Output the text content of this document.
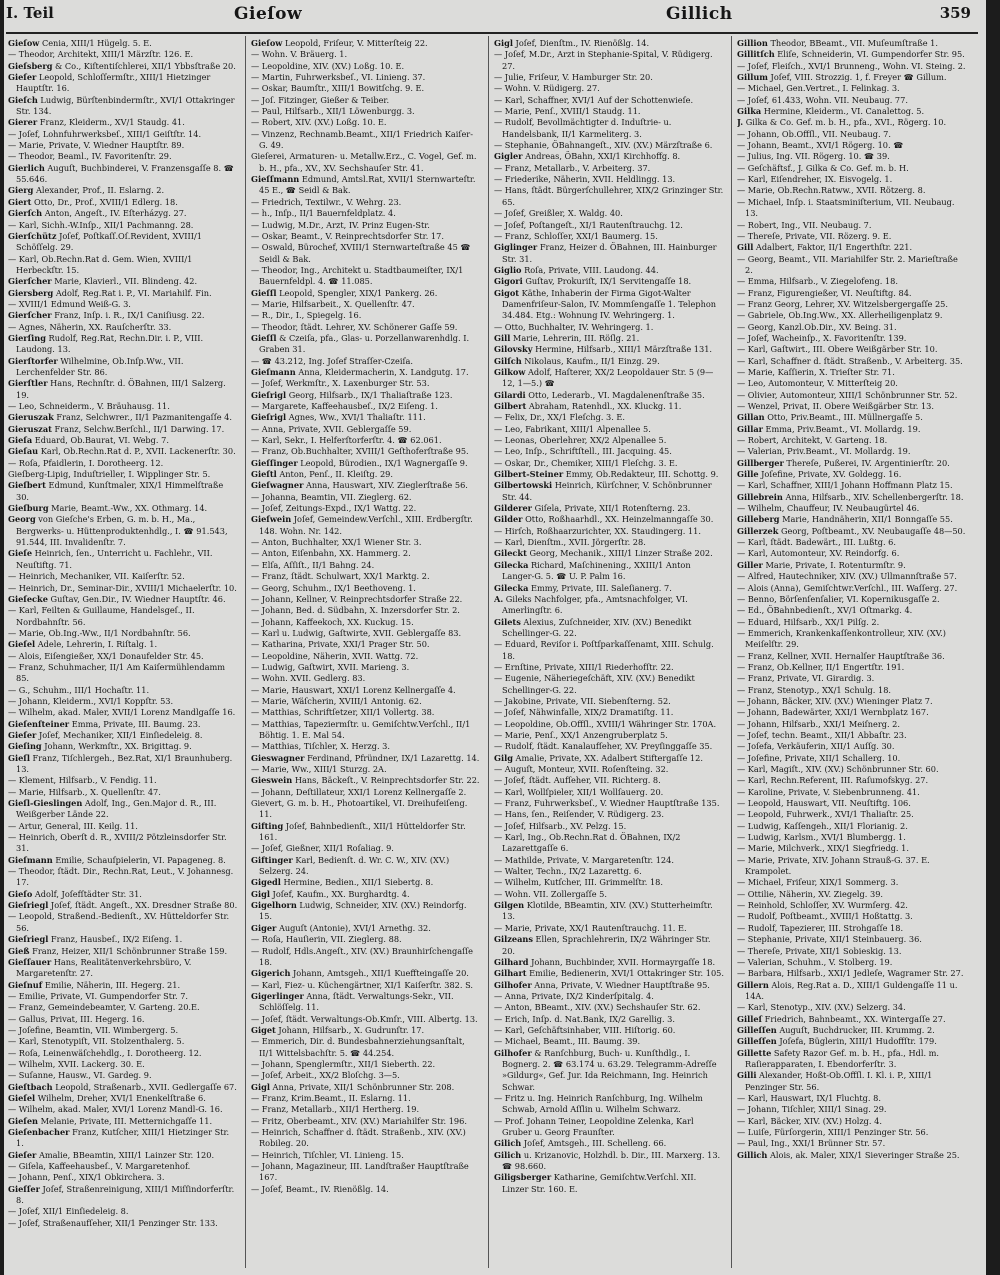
I. Teil	Gieſow	Gillich	359
Gieſow Cenia, XIII/1 Hügelg. 5. E.
— Theodor, Architekt, XIII/1 Märzſtr. 126. E.
Gieſsberg & Co., Kiſtentiſchlerei, XII/1 Ybbsſtraße 20.
Gieſer Leopold, Schloſſermſtr., XIII/1 Hietzinger Hauptſtr. 16.
Gieſch Ludwig, Bürſtenbindermſtr., XVI/1 Ottakringer Str. 134.
Gierer Franz, Kleiderm., XV/1 Staudg. 41.
— Joſef, Lohnfuhrwerksbeſ., XIII/1 Geiſtſtr. 14.
— Marie, Private, V. Wiedner Hauptſtr. 89.
— Theodor, Beaml., IV. Favoritenſtr. 29.
Gierlich Auguſt, Buchbinderei, V. Franzensgaſſe 8. ☎ 55.646.
Gierg Alexander, Prof., II. Eslarng. 2.
Giert Otto, Dr., Prof., XVIII/1 Edlerg. 18.
Gierſch Anton, Angeſt., IV. Eſterházyg. 27.
— Karl, Sichh.-W.Inſp., XII/1 Pachmanng. 28.
Gierſchütz Joſef, Poſtkaſſ.Oſ.Revident, XVIII/1 Schöſſelg. 29.
— Karl, Ob.Rechn.Rat d. Gem. Wien, XVIII/1 Herbeckſtr. 15.
Gierſcher Marie, Klavierl., VII. Blindeng. 42.
Giersberg Adolf, Reg.Rat i. P., VI. Mariahilf. Fin.
— XVIII/1 Edmund Weiß-G. 3.
Gierſcher Franz, Inſp. i. R., IX/1 Caniſiusg. 22.
— Agnes, Näherin, XX. Rauſcherſtr. 33.
Gierſing Rudolf, Reg.Rat, Rechn.Dir. i. P., VIII. Laudong. 13.
Gierſtorfer Wilhelmine, Ob.Inſp.Ww., VII. Lerchenfelder Str. 86.
Gierſtler Hans, Rechnſtr. d. ÖBahnen, III/1 Salzerg. 19.
— Leo, Schneiderm., V. Bräuhausg. 11.
Gieruszak Franz, Selchwrer., II/1 Pazmanitengaſſe 4.
Gieruszat Franz, Selchw.Berſchl., II/1 Darwing. 17.
Gieſa Eduard, Ob.Baurat, VI. Webg. 7.
Gieſau Karl, Ob.Rechn.Rat d. P., XVII. Lackenerſtr. 30.
— Roſa, Pfaidlerin, I. Dorotheerg. 12.
Gieſberg-Lipig, Induſtrieller, I. Wipplinger Str. 5.
Gieſbert Edmund, Kunſtmaler, XIX/1 Himmelſtraße 30.
Gieſburg Marie, Beamt.-Ww., XX. Othmarg. 14.
Georg von Gieſche's Erben, G. m. b. H., Ma., Bergwerks- u. Hüttenproduktenhdlg., I. ☎ 91.543, 91.544, III. Invalidenſtr. 7.
Gieſe Heinrich, ſen., Unterricht u. Fachlehr., VII. Neuſtiftg. 71.
— Heinrich, Mechaniker, VII. Kaiſerſtr. 52.
— Heinrich, Dr., Seminar-Dir., XVIII/1 Michaelerſtr. 10.
Gieſecke Guſtav, Gen.Dir., IV. Wiedner Hauptſtr. 46.
— Karl, Feilten & Guillaume, Handelsgeſ., II. Nordbahnſtr. 56.
— Marie, Ob.Ing.-Ww., II/1 Nordbahnſtr. 56.
Gieſel Adele, Lehrerin, I. Riſtalg. 1.
— Alois, Eiſengießer, XX/1 Donaufelder Str. 45.
— Franz, Schuhmacher, II/1 Am Kaiſermühlendamm 85.
— G., Schuhm., III/1 Hochaſtr. 11.
— Johann, Kleiderm., XVI/1 Koppſtr. 53.
— Wilhelm, akad. Maler, XVII/1 Lorenz Mandlgaſſe 16.
Gieſenſteiner Emma, Private, III. Baumg. 23.
Gieſer Joſef, Mechaniker, XII/1 Einſiedeleig. 8.
Gieſing Johann, Werkmſtr., XX. Brigittag. 9.
Gieſl Franz, Tiſchlergeh., Bez.Rat, XI/1 Braunhuberg. 13.
— Klement, Hilfsarb., V. Fendig. 11.
— Marie, Hilfsarb., X. Quellenſtr. 47.
Gieſl-Gieslingen Adolf, Ing., Gen.Major d. R., III. Weißgerber Lände 22.
— Artur, General, III. Keilg. 11.
— Heinrich, Oberſt d. R., XVIII/2 Pötzleinsdorfer Str. 31.
Gieſmann Emilie, Schauſpielerin, VI. Papageneg. 8.
— Theodor, ſtädt. Dir., Rechn.Rat, Leut., V. Johannesg. 17.
Gieſo Adolf, Joſefſtädter Str. 31.
Gieſriegl Joſef, ſtädt. Angeſt., XX. Dresdner Straße 80.
— Leopold, Straßend.-Bedienſt., XV. Hütteldorfer Str. 56.
Gieſriegl Franz, Hausbeſ., IX/2 Eiſeng. 1.
Gieß Franz, Heizer, XII/1 Schönbrunner Straße 159.
Gieſſauer Hans, Realitätenverkehrsbüro, V. Margaretenſtr. 27.
Gieſnuf Emilie, Näherin, III. Hegerg. 21.
— Emilie, Private, VI. Gumpendorfer Str. 7.
— Franz, Gemeindebeamter, V. Garteng. 20.E.
— Gallus, Privat, III. Hegerg. 16.
— Joſefine, Beamtin, VII. Wimbergerg. 5.
— Karl, Stenotypiſt, VII. Stolzenthalerg. 5.
— Roſa, Leinenwäſchehdlg., I. Dorotheerg. 12.
— Wilhelm, XVII. Lackerg. 30. E.
— Suſanne, Hausw., VI. Gardeg. 9.
Gieſtbach Leopold, Straßenarb., XVII. Gedlergaſſe 67.
Gieſel Wilhelm, Dreher, XVI/1 Enenkelſtraße 6.
— Wilhelm, akad. Maler, XVI/1 Lorenz Mandl-G. 16.
Gieſen Melanie, Private, III. Metternichgaſſe 11.
Gieſenbacher Franz, Kutſcher, XIII/1 Hietzinger Str. 1.
Gieſer Amalie, BBeamtin, XIII/1 Lainzer Str. 120.
— Giſela, Kaffeehausbeſ., V. Margaretenhof.
— Johann, Penſ., XIX/1 Obkirchera. 3.
Gieſſer Joſef, Straßenreinigung, XIII/1 Miſſindorferſtr. 8.
— Joſef, XII/1 Einſiedeleig. 8.
— Joſef, Straßenaufſeher, XII/1 Penzinger Str. 133.
Gieſow Leopold, Friſeur, V. Mitterſteig 22.
— Wohn. V. Bräuerg. 1.
— Leopoldine, XIV. (XV.) Loßg. 10. E.
— Martin, Fuhrwerksbeſ., VI. Linieng. 37.
— Oskar, Baumſtr., XIII/1 Bowitſchg. 9. E.
— Joſ. Fitzinger, Gießer & Teiber.
— Paul, Hilfsarb., XII/1 Löwenburgg. 3.
— Robert, XIV. (XV.) Loßg. 10. E.
— Vinzenz, Rechnamb.Beamt., XII/1 Friedrich Kaiſer-G. 49.
Gieſerei, Armaturen- u. Metallw.Erz., C. Vogel, Gef. m. b. H., pfa., XV., XV. Sechshauſer Str. 41.
Gieſſmann Edmund, Amtsl.Rat, XVII/1 Sternwarteſtr. 45 E., ☎ Seidl & Bak.
— Friedrich, Textilwr., V. Wehrg. 23.
— h., Inſp., II/1 Bauernfeldplatz. 4.
— Ludwig, M.Dr., Arzt, IV. Prinz Eugen-Str.
— Oskar, Beamt., V. Reinprechtsdorfer Str. 17.
— Oswald, Bürochef, XVIII/1 Sternwarteſtraße 45 ☎ Seidl & Bak.
— Theodor, Ing., Architekt u. Stadtbaumeiſter, IX/1 Bauernfeldpl. 4. ☎ 11.085.
Gieſſl Leopold, Spengler, XIX/1 Pankerg. 26.
— Marie, Hilfsarbeit., X. Quellenſtr. 47.
— R., Dir., I., Spiegelg. 16.
— Theodor, ſtädt. Lehrer, XV. Schönerer Gaſſe 59.
Gieſſl & Czeiſa, pfa., Glas- u. Porzellanwarenhdlg. I. Graben 31.
— ☎ 43.212, Ing. Joſef Straſſer-Czeiſa.
Gieſmann Anna, Kleidermacherin, X. Landgutg. 17.
— Joſef, Werkmſtr., X. Laxenburger Str. 53.
Gieſrigl Georg, Hilfsarb., IX/1 Thaliaſtraße 123.
— Margarete, Kaffeehausbeſ., IX/2 Eiſeng. 1.
Gieſrigl Agnes, Ww., XVI/1 Thaliaſtr. 111.
— Anna, Private, XVII. Geblergaſſe 59.
— Karl, Sekr., I. Helferſtorferſtr. 4. ☎ 62.061.
— Franz, Ob.Buchhalter, XVIII/1 Geſthoferſtraße 95.
Gieſſinger Leopold, Bürodien., IX/1 Wagnergaſſe 9.
Gieſtl Anton, Penſ., II. Kleiſtg. 29.
Gieſwagner Anna, Hauswart, XIV. Zieglerſtraße 56.
— Johanna, Beamtin, VII. Zieglerg. 62.
— Joſef, Zeitungs-Expd., IX/1 Wattg. 22.
Gieſwein Joſef, Gemeindew.Verſchl., XIII. Erdbergſtr. 148. Wohn. Nr. 142.
— Anton, Buchhalter, XX/1 Wiener Str. 3.
— Anton, Eiſenbahn, XX. Hammerg. 2.
— Elſa, Aſſiſt., II/1 Bahng. 24.
— Franz, ſtädt. Schulwart, XX/1 Marktg. 2.
— Georg, Schuhm., IX/1 Beethoveng. 1.
— Johann, Kellner, V. Reinprechtsdorfer Straße 22.
— Johann, Bed. d. Südbahn, X. Inzersdorfer Str. 2.
— Johann, Kaffeekoch, XX. Kuckug. 15.
— Karl u. Ludwig, Gaſtwirte, XVII. Geblergaſſe 83.
— Katharina, Private, XXI/1 Prager Str. 50.
— Leopoldine, Näherin, XVII. Wattg. 72.
— Ludwig, Gaſtwirt, XVII. Marieng. 3.
— Wohn. XVII. Gedlerg. 83.
— Marie, Hauswart, XXI/1 Lorenz Kellnergaſſe 4.
— Marie, Wäſcherin, XVIII/1 Antonig. 62.
— Matthias, Schriftſetzer, XII/1 Vollertg. 38.
— Matthias, Tapeziermſtr. u. Gemiſchtw.Verſchl., II/1 Böhtig. 1. E. Mal 54.
— Matthias, Tiſchler, X. Herzg. 3.
Gieswagner Ferdinand, Pfründner, IX/1 Lazarettg. 14.
— Marie, Ww., XIII/1 Sturzg. 2A.
Gieswein Hans, Bäckeſt., V. Reinprechtsdorfer Str. 22.
— Johann, Deſtillateur, XXI/1 Lorenz Kellnergaſſe 2.
Gievert, G. m. b. H., Photoartikel, VI. Dreihufeiſeng. 11.
Gifting Joſef, Bahnbedienſt., XII/1 Hütteldorfer Str. 161.
— Joſef, Gießner, XII/1 Roſaliag. 9.
Giftinger Karl, Bedienſt. d. Wr. C. W., XIV. (XV.) Selzerg. 24.
Gigedl Hermine, Bedien., XII/1 Siebertg. 8.
Gigl Joſef, Kaufm., XX. Burghardtg. 4.
Gigelhorn Ludwig, Schneider, XIV. (XV.) Reindorfg. 15.
Giger Auguſt (Antonie), XVI/1 Arnethg. 32.
— Roſa, Hauſierin, VII. Zieglerg. 88.
— Rudolf, Hdls.Angeſt., XIV. (XV.) Braunhirſchengaſſe 18.
Gigerich Johann, Amtsgeh., XII/1 Kueffteingaſſe 20.
— Karl, Fiez- u. Küchengärtner, XI/1 Kaiſerſtr. 382. S.
Gigerlinger Anna, ſtädt. Verwaltungs-Sekr., VII. Schlöſſelg. 11.
— Joſef, ſtädt. Verwaltungs-Ob.Kmſr., VIII. Albertg. 13.
Giget Johann, Hilfsarb., X. Gudrunſtr. 17.
— Emmerich, Dir. d. Bundesbahnerziehungsanſtalt, II/1 Wittelsbachſtr. 5. ☎ 44.254.
— Johann, Spenglermſtr., XII/1 Sieberth. 22.
— Joſef, Arbeit., XX/2 Bloſchg. 3—5.
Gigl Anna, Private, XII/1 Schönbrunner Str. 208.
— Franz, Krim.Beamt., II. Eslarng. 11.
— Franz, Metallarb., XII/1 Hertherg. 19.
— Fritz, Oberbeamt., XIV. (XV.) Mariahilfer Str. 196.
— Heinrich, Schaffner d. ſtädt. Straßenb., XIV. (XV.) Robileg. 20.
— Heinrich, Tiſchler, VI. Linieng. 15.
— Johann, Magazineur, III. Landſtraßer Hauptſtraße 167.
— Joſef, Beamt., IV. Rienößlg. 14.
Gigl Joſef, Dienſtm., IV. Rienößlg. 14.
— Joſef, M.Dr., Arzt in Stephanie-Spital, V. Rüdigerg. 27.
— Julie, Friſeur, V. Hamburger Str. 20.
— Wohn. V. Rüdigerg. 27.
— Karl, Schaffner, XVI/1 Auf der Schottenwieſe.
— Marie, Penſ., XVIII/1 Staudg. 11.
— Rudolf, Bevollmächtigter d. Induſtrie- u. Handelsbank, II/1 Karmeliterg. 3.
— Stephanie, ÖBahnangeſt., XIV. (XV.) Märzſtraße 6.
Gigler Andreas, ÖBahn, XXI/1 Kirchhoffg. 8.
— Franz, Metallarb., V. Arbeiterg. 37.
— Friederike, Näherin, XVII. Heldlingg. 13.
— Hans, ſtädt. Bürgerſchullehrer, XIX/2 Grinzinger Str. 65.
— Joſef, Greißler, X. Waldg. 40.
— Joſef, Poſtangeſt., XI/1 Rautenſtrauchg. 12.
— Franz, Schloſſer, XXI/1 Baumerg. 15.
Giglinger Franz, Heizer d. ÖBahnen, III. Hainburger Str. 31.
Giglio Roſa, Private, VIII. Laudong. 44.
Gigori Guſtav, Prokuriſt, IX/1 Servitengaſſe 18.
Gigot Käthe, Inhaberin der Firma Gigot-Walter Damenfriſeur-Salon, IV. Mommſengaſſe 1. Telephon 34.484. Etg.: Wohnung IV. Wehringerg. 1.
— Otto, Buchhalter, IV. Wehringerg. 1.
Gill Marie, Lehrerin, III. Röſlg. 21.
Gilovsky Hermine, Hilfsarb., XIII/1 Märzſtraße 131.
Gilſch Nikolaus, Kaufm., II/1 Einzg. 29.
Gilkow Adolf, Haſterer, XX/2 Leopoldauer Str. 5 (9—12, 1—5.) ☎
Gilardi Otto, Lederarb., VI. Magdalenenſtraße 35.
Gilbert Abraham, Ratenhdl., XX. Kluckg. 11.
— Felix, Dr., XX/1 Fleſchg. 3. E.
— Leo, Fabrikant, XIII/1 Alpenallee 5.
— Leonas, Oberlehrer, XX/2 Alpenallee 5.
— Leo, Inſp., Schriftſtell., III. Jacquing. 45.
— Oskar, Dr., Chemiker, XIII/1 Fleſchg. 3. E.
Gilbert-Steiner Emmy, Ob.Redakteur, III. Schottg. 9.
Gilbertowski Heinrich, Kürſchner, V. Schönbrunner Str. 44.
Gilderer Giſela, Private, XII/1 Rotenſterng. 23.
Gilder Otto, Roßhaarhdl., XX. Heinzelmanngaſſe 30.
— Hirſch, Roßhaarzurichter, XX. Staudingerg. 11.
— Karl, Dienſtm., XVII. Jörgerſtr. 28.
Gileckt Georg, Mechanik., XIII/1 Linzer Straße 202.
Gilecka Richard, Maſchinening., XXIII/1 Anton Langer-G. 5. ☎ U. P. Palm 16.
Gilecka Emmy, Private, III. Saleſianerg. 7.
A. Gileks Nachfolger, pfa., Amtsnachfolger, VI. Amerlingſtr. 6.
Gilets Alexius, Zuſchneider, XIV. (XV.) Benedikt Schellinger-G. 22.
— Eduard, Reviſor i. Poſtſparkaſſenamt, XIII. Schulg. 18.
— Ernſtine, Private, XIII/1 Riederhofſtr. 22.
— Eugenie, Näheriegeſchäft, XIV. (XV.) Benedikt Schellinger-G. 22.
— Jakobine, Private, VII. Siebenſterng. 52.
— Joſef, Nähwinfalle, XIX/2 Dramatiſtg. 11.
— Leopoldine, Ob.Offſl., XVIII/1 Währinger Str. 170A.
— Marie, Penſ., XX/1 Anzengruberplatz 5.
— Rudolf, ſtädt. Kanalaufſeher, XV. Preyſinggaſſe 35.
Gilg Amalie, Private, XX. Adalbert Stiftergaſſe 12.
— Auguſt, Monteur, XVII. Roſenſteing. 32.
— Joſef, ſtädt. Aufſeher, VII. Richterg. 8.
— Karl, Wollſpieler, XII/1 Wollſauerg. 20.
— Franz, Fuhrwerksbeſ., V. Wiedner Hauptſtraße 135.
— Hans, ſen., Reiſender, V. Rüdigerg. 23.
— Joſef, Hilfsarb., XV. Pelzg. 15.
— Karl, Ing., Ob.Rechn.Rat d. ÖBahnen, IX/2 Lazarettgaſſe 6.
— Mathilde, Private, V. Margaretenſtr. 124.
— Walter, Techn., IX/2 Lazarettg. 6.
— Wilhelm, Kutſcher, III. Grimmelſtr. 18.
— Wohn. VII. Zollergaſſe 5.
Gilgen Klotilde, BBeamtin, XIV. (XV.) Stutterheimſtr. 13.
— Marie, Private, XX/1 Rautenſtrauchg. 11. E.
Gilzeans Ellen, Sprachlehrerin, IX/2 Währinger Str. 20.
Gilhard Johann, Buchbinder, XVII. Hormayrgaſſe 18.
Gilhart Emilie, Bedienerin, XVI/1 Ottakringer Str. 105.
Gilhofer Anna, Private, V. Wiedner Hauptſtraße 95.
— Anna, Private, IX/2 Kinderſpitalg. 4.
— Anton, BBeamt., XIV. (XV.) Sechshauſer Str. 62.
— Erich, Inſp. d. Nat.Bank, IX/2 Garellig. 3.
— Karl, Geſchäftsinhaber, VIII. Hiſtorig. 60.
— Michael, Beamt., III. Baumg. 39.
Gilhofer & Ranſchburg, Buch- u. Kunſthdlg., I. Bognerg. 2. ☎ 63.174 u. 63.29. Telegramm-Adreſſe »Gildurg«, Gef. Jur. Ida Reichmann, Ing. Heinrich Schwar.
— Fritz u. Ing. Heinrich Ranſchburg, Ing. Wilhelm Schwab, Arnold Aſſlin u. Wilhelm Schwarz.
— Prof. Johann Teiner, Leopoldine Zelenka, Karl Gruber u. Georg Fraunſter.
Gilich Joſef, Amtsgeh., III. Schelleng. 66.
Gilich u. Krizanovic, Holzhdl. b. Dir., III. Marxerg. 13. ☎ 98.660.
Giligsberger Katharine, Gemiſchtw.Verſchl. XII. Linzer Str. 160. E.
Gillion Theodor, BBeamt., VII. Muſeumſtraße 1.
Gillitſch Eliſe, Schneiderin, VI. Gumpendorfer Str. 95.
— Joſef, Fleiſch., XVI/1 Brunneng., Wohn. VI. Steing. 2.
Gillum Joſef, VIII. Strozzig. 1, f. Freyer ☎ Gillum.
— Michael, Gen.Vertret., I. Felinkag. 3.
— Joſef, 61.433, Wohn. VII. Neubaug. 77.
Gilka Hermine, Kleiderm., VI. Canalettog. 5.
J. Gilka & Co. Gef. m. b. H., pfa., XVI., Rögerg. 10.
— Johann, Ob.Offſl., VII. Neubaug. 7.
— Johann, Beamt., XVI/1 Rögerg. 10. ☎
— Julius, Ing. VII. Rögerg. 10. ☎ 39.
— Geſchäftsf., J. Gilka & Co. Gef. m. b. H.
— Karl, Eiſendreher, IX. Eisvogelg. 1.
— Marie, Ob.Rechn.Ratww., XVII. Rötzerg. 8.
— Michael, Inſp. i. Staatsminiſterium, VII. Neubaug. 13.
— Robert, Ing., VII. Neubaug. 7.
— Thereſe, Private, VII. Rözerg. 9. E.
Gill Adalbert, Faktor, II/1 Engerthſtr. 221.
— Georg, Beamt., VII. Mariahilfer Str. 2. Marieſtraße 2.
— Emma, Hilfsarb., V. Ziegelofeng. 18.
— Franz, Figurengießer, VI. Neuſtiftg. 84.
— Franz Georg, Lehrer, XV. Witzelsbergergaſſe 25.
— Gabriele, Ob.Ing.Ww., XX. Allerheiligenplatz 9.
— Georg, Kanzl.Ob.Dir., XV. Being. 31.
— Joſef, Wacheinſp., X. Favoritenſtr. 139.
— Karl, Gaſtwirt., III. Obere Weißgärber Str. 10.
— Karl, Schaffner d. ſtädt. Straßenb., V. Arbeiterg. 35.
— Marie, Kaſſierin, X. Trieſter Str. 71.
— Leo, Automonteur, V. Mitterſteig 20.
— Olivier, Automonteur, XIII/1 Schönbrunner Str. 52.
— Wenzel, Privat, II. Obere Weißgärber Str. 13.
Gillan Otto, Priv.Beamt., III. Müllnergaſſe 5.
Gillar Emma, Priv.Beamt., VI. Mollardg. 19.
— Robert, Architekt, V. Garteng. 18.
— Valerian, Priv.Beamt., VI. Mollardg. 19.
Gillberger Thereſe, Pußerei, IV. Argentinierſtr. 20.
Gille Joſefine, Private, XV. Goldegg. 16.
— Karl, Schaffner, XIII/1 Johann Hoffmann Platz 15.
Gillebrein Anna, Hilfsarb., XIV. Schellenbergerſtr. 18.
— Wilhelm, Chauffeur, IV. Neubaugürtel 46.
Gilleberg Marie, Handnäherin, XII/1 Bonngaſſe 55.
Gillerzek Georg, Poſtbeamt., XV. Neubaugaſſe 48—50.
— Karl, ſtädt. Badewärt., III. Lußtg. 6.
— Karl, Automonteur, XV. Reindorfg. 6.
Giller Marie, Private, I. Rotenturmſtr. 9.
— Alfred, Hautechniker, XIV. (XV.) Ullmannſtraße 57.
— Alois (Anna), Gemiſchtwr.Verſchl., III. Waſſerg. 27.
— Benno, Börſenſenſalier, VI. Kopernikusgaſſe 2.
— Ed., ÖBahnbedienſt., XV/1 Oſtmarkg. 4.
— Eduard, Hilfsarb., XX/1 Pilſg. 2.
— Emmerich, Krankenkaſſenkontrolleur, XIV. (XV.) Meiſelſtr. 29.
— Franz, Kellner, XVII. Hernalſer Hauptſtraße 36.
— Franz, Ob.Kellner, II/1 Engertſtr. 191.
— Franz, Private, VI. Girardig. 3.
— Franz, Stenotyp., XX/1 Schulg. 18.
— Johann, Bäcker, XIV. (XV.) Wieninger Platz 7.
— Johann, Badewärter, XXI/1 Wernbplatz 167.
— Johann, Hilfsarb., XXI/1 Meiſnerg. 2.
— Joſef, techn. Beamt., XII/1 Abbaſtr. 23.
— Joſefa, Verkäuferin, XII/1 Auſſg. 30.
— Joſefine, Private, XII/1 Schallerg. 10.
— Karl, Magiſt., XIV. (XV.) Schönbrunner Str. 60.
— Karl, Rechn.Referent, III. Raſumofskyg. 27.
— Karoline, Private, V. Siebenbrunneng. 41.
— Leopold, Hauswart, VII. Neuſtiftg. 106.
— Leopold, Fuhrwerk., XVI/1 Thaliaſtr. 25.
— Ludwig, Kaſſengeh., XII/1 Florianig. 2.
— Ludwig, Karlsm., XVI/1 Blumbergg. 1.
— Marie, Milchverk., XIX/1 Siegfriedg. 1.
— Marie, Private, XIV. Johann Strauß-G. 37. E. Krampolet.
— Michael, Friſeur, XIX/1 Sommerg. 3.
— Ottilie, Näherin, XV. Ziegelg. 39.
— Reinhold, Schloſſer, XV. Wurmſerg. 42.
— Rudolf, Poſtbeamt., XVIII/1 Hoßtattg. 3.
— Rudolf, Tapezierer, III. Strohgaſſe 18.
— Stephanie, Private, XII/1 Steinbauerg. 36.
— Thereſe, Private, XII/1 Sobieskig. 13.
— Valerian, Schuhm., V. Stolberg. 19.
— Barbara, Hilfsarb., XXI/1 Jedleſe, Wagramer Str. 27.
Gillern Alois, Reg.Rat a. D., XIII/1 Guldengaſſe 11 u. 14A.
— Karl, Stenotyp., XIV. (XV.) Selzerg. 34.
Gilleſ Friedrich, Bahnbeamt., XX. Wintergaſſe 27.
Gilleſſen Auguſt, Buchdrucker, III. Krummg. 2.
Gilleſſen Joſefa, Büglerin, XIII/1 Hudoffſtr. 179.
Gillette Safety Razor Gef. m. b. H., pfa., Hdl. m. Raſierapparaten, I. Ebendorferſtr. 3.
Gilli Alexander, Hoßt-Ob.Offſl. I. Kl. i. P., XIII/1 Penzinger Str. 56.
— Karl, Hauswart, IX/1 Fluchtg. 8.
— Johann, Tiſchler, XIII/1 Sinag. 29.
— Karl, Bäcker, XIV. (XV.) Holzg. 4.
— Luiſe, Fürſorgerin, XIII/1 Penzinger Str. 56.
— Paul, Ing., XXI/1 Brünner Str. 57.
Gillich Alois, ak. Maler, XIX/1 Sieveringer Straße 25.
